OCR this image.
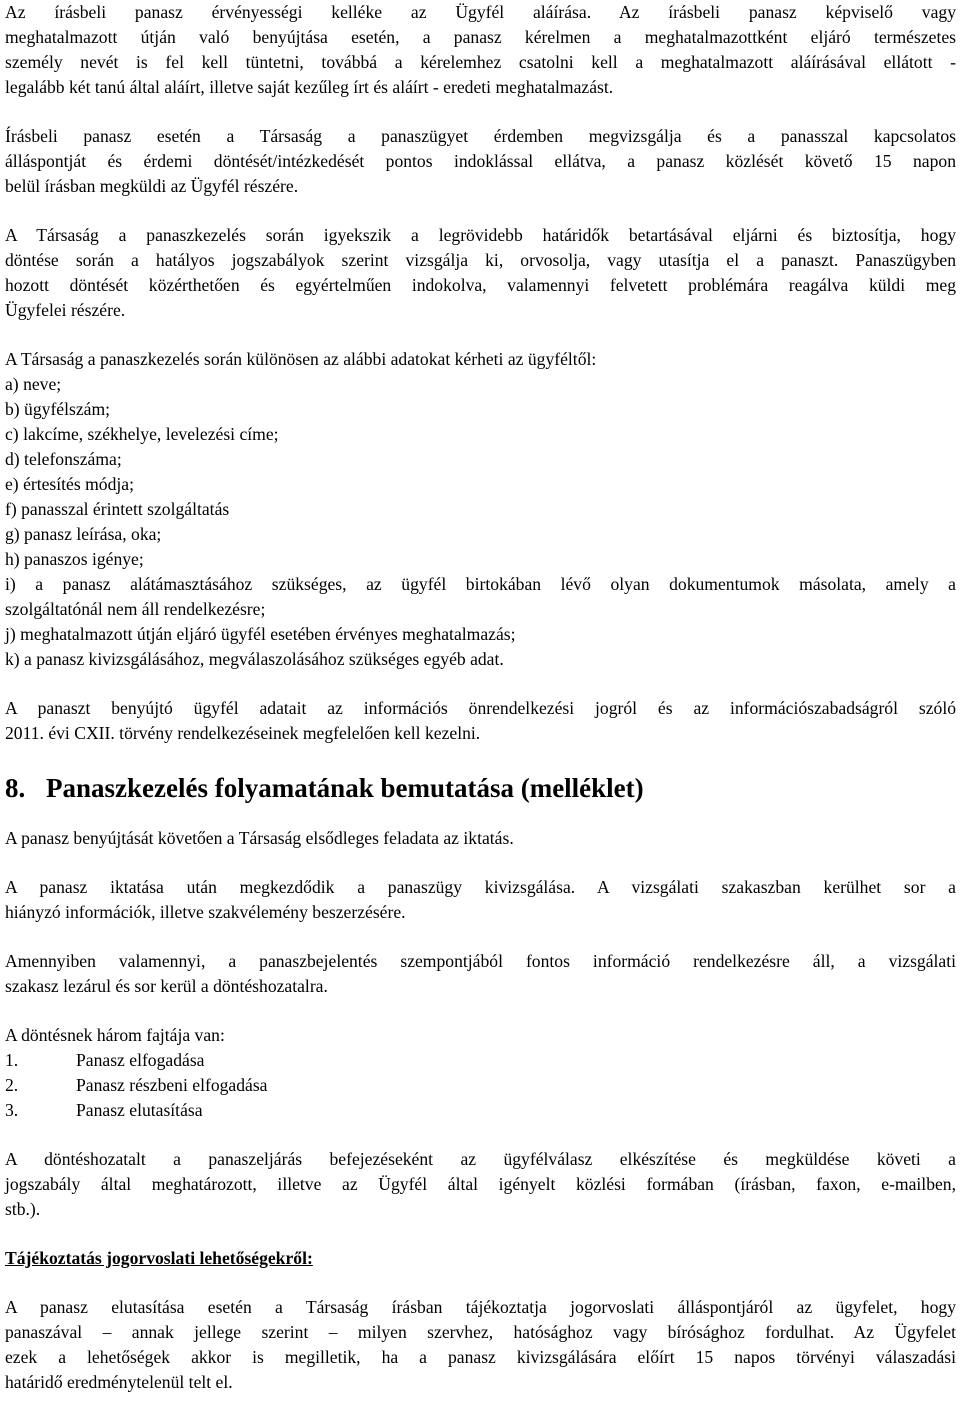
Az írásbeli panasz érvényességi kelléke az Ügyfél aláírása. Az írásbeli panasz képviselő vagy
meghatalmazott útján való benyújtása esetén, a panasz kérelmen a meghatalmazottként eljáró természetes
személy nevét is fel kell tüntetni, továbbá a kérelemhez csatolni kell a meghatalmazott aláírásával ellátott -
legalább két tanú által aláírt, illetve saját kezűleg írt és aláírt - eredeti meghatalmazást.

Írásbeli panasz esetén a Társaság a panaszügyet érdemben megvizsgálja és a panasszal kapcsolatos
álláspontját és érdemi döntését/intézkedését pontos indoklással ellátva, a panasz közlését követő 15 napon
belül írásban megküldi az Ügyfél részére.

A Társaság a panaszkezelés során igyekszik a legrövidebb határidők betartásával eljárni és biztosítja, hogy
döntése során a hatályos jogszabályok szerint vizsgálja ki, orvosolja, vagy utasítja el a panaszt. Panaszügyben
hozott döntését közérthetően és egyértelműen indokolva, valamennyi felvetett problémára reagálva küldi meg
Ügyfelei részére.

A Társaság a panaszkezelés során különösen az alábbi adatokat kérheti az ügyféltől:

a) neve;
b) ügyfélszám;
c) lakcíme, székhelye, levelezési címe;
d) telefonszáma;
e) értesítés módja;
f) panasszal érintett szolgáltatás
g) panasz leírása, oka;
h) panaszos igénye;

i) a panasz alátámasztásához szükséges, az ügyfél birtokában lévő olyan dokumentumok másolata, amely a
szolgáltatónál nem áll rendelkezésre;

j) meghatalmazott útján eljáró ügyfél esetében érvényes meghatalmazás;
k) a panasz kivizsgálásához, megválaszolásához szükséges egyéb adat.

A panaszt benyújtó ügyfél adatait az információs önrendelkezési jogról és az információszabadságról szóló
2011. évi CXII. törvény rendelkezéseinek megfelelően kell kezelni.

8. Panaszkezelés folyamatának bemutatása (melléklet)

A panasz benyújtását követően a Társaság elsődleges feladata az iktatás.

A panasz iktatása után megkezdődik a panaszügy kivizsgálása. A vizsgálati szakaszban kerülhet sor a
hiányzó információk, illetve szakvélemény beszerzésére.

Amennyiben valamennyi, a panaszbejelentés szempontjából fontos információ rendelkezésre áll, a vizsgálati
szakasz lezárul és sor kerül a döntéshozatalra.

A döntésnek három fajtája van:
1.	Panasz elfogadása
2.	Panasz részbeni elfogadása
3.	Panasz elutasítása

A döntéshozatalt a panaszeljárás befejezéseként az ügyfélválasz elkészítése és megküldése követi a
jogszabály által meghatározott, illetve az Ügyfél által igényelt közlési formában (írásban, faxon, e-mailben,
stb.).

Tájékoztatás jogorvoslati lehetőségekről:

A panasz elutasítása esetén a Társaság írásban tájékoztatja jogorvoslati álláspontjáról az ügyfelet, hogy
panaszával – annak jellege szerint – milyen szervhez, hatósághoz vagy bírósághoz fordulhat. Az Ügyfelet
ezek a lehetőségek akkor is megilletik, ha a panasz kivizsgálására előírt 15 napos törvényi válaszadási
határidő eredménytelenül telt el.
